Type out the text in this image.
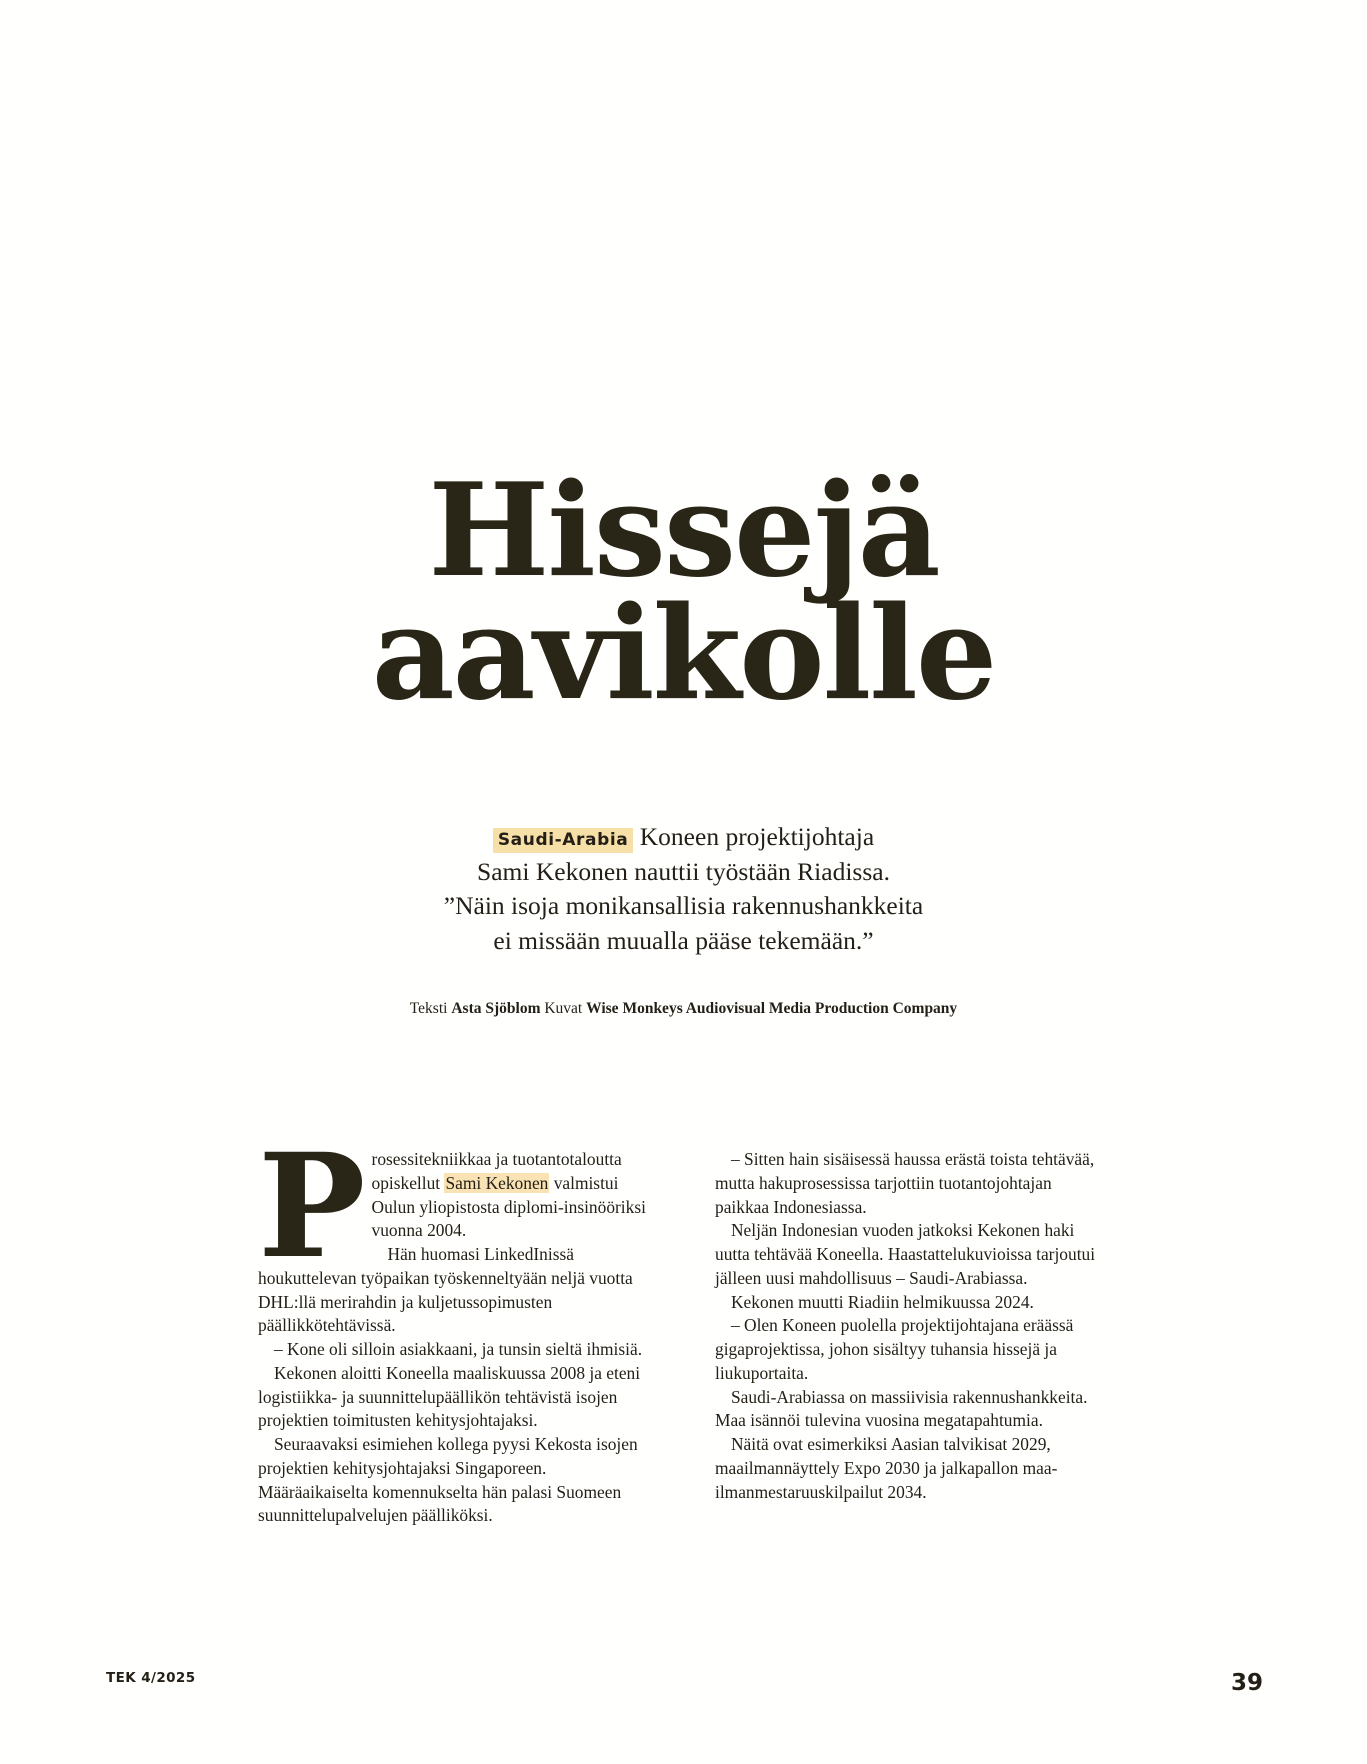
Hissejä
aavikolle
Saudi-Arabia Koneen projektijohtaja
Sami Kekonen nauttii työstään Riadissa.
”Näin isoja monikansallisia rakennushankkeita
ei missään muualla pääse tekemään.”
Teksti Asta Sjöblom Kuvat Wise Monkeys Audiovisual Media Production Company

Prosessitekniikkaa ja tuotantotaloutta opiskellut Sami Kekonen valmistui Oulun yliopistosta diplomi-insinööriksi vuonna 2004.

Hän huomasi LinkedInissä houkuttelevan työpaikan työskenneltyään neljä vuotta DHL:llä merirahdin ja kuljetussopimusten päällikkötehtävissä.

– Kone oli silloin asiakkaani, ja tunsin sieltä ihmisiä.

Kekonen aloitti Koneella maaliskuussa 2008 ja eteni logistiikka- ja suunnittelupäällikön tehtävistä isojen projektien toimitusten kehitysjohtajaksi.

Seuraavaksi esimiehen kollega pyysi Kekosta isojen projektien kehitysjohtajaksi Singaporeen. Määräaikaiselta komennukselta hän palasi Suomeen suunnittelupalvelujen päälliköksi.

– Sitten hain sisäisessä haussa erästä toista tehtävää, mutta hakuprosessissa tarjottiin tuotantojohtajan paikkaa Indonesiassa.

Neljän Indonesian vuoden jatkoksi Kekonen haki uutta tehtävää Koneella. Haastattelukuvioissa tarjoutui jälleen uusi mahdollisuus – Saudi-Arabiassa.

Kekonen muutti Riadiin helmikuussa 2024.

– Olen Koneen puolella projektijohtajana eräässä gigaprojektissa, johon sisältyy tuhansia hissejä ja liukuportaita.

Saudi-Arabiassa on massiivisia rakennushankkeita. Maa isännöi tulevina vuosina megatapahtumia.

Näitä ovat esimerkiksi Aasian talvikisat 2029, maailmannäyttely Expo 2030 ja jalkapallon maailmanmestaruuskilpailut 2034.

TEK 4/2025	39
